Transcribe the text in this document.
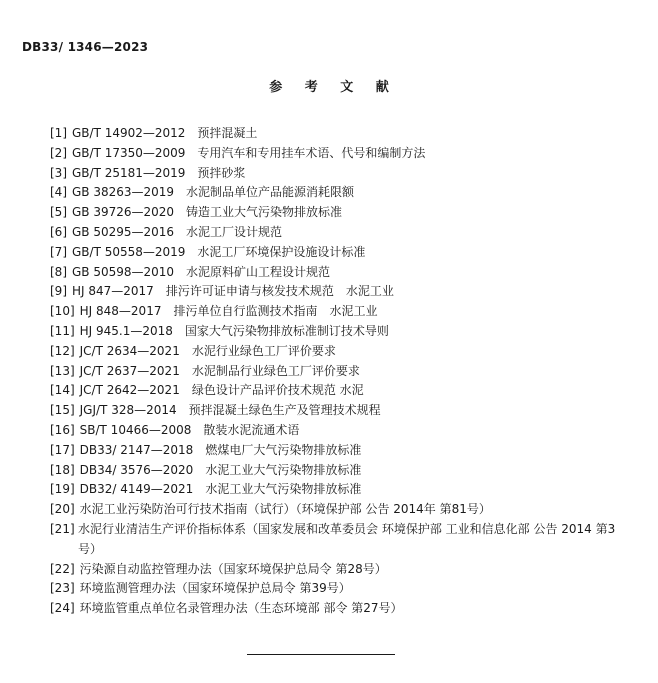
DB33/ 1346—2023
参 考 文 献
[1] GB/T 14902—2012　预拌混凝土
[2] GB/T 17350—2009　专用汽车和专用挂车术语、代号和编制方法
[3] GB/T 25181—2019　预拌砂浆
[4] GB 38263—2019　水泥制品单位产品能源消耗限额
[5] GB 39726—2020　铸造工业大气污染物排放标准
[6] GB 50295—2016　水泥工厂设计规范
[7] GB/T 50558—2019　水泥工厂环境保护设施设计标准
[8] GB 50598—2010　水泥原料矿山工程设计规范
[9] HJ 847—2017　排污许可证申请与核发技术规范　水泥工业
[10] HJ 848—2017　排污单位自行监测技术指南　水泥工业
[11] HJ 945.1—2018　国家大气污染物排放标准制订技术导则
[12] JC/T 2634—2021　水泥行业绿色工厂评价要求
[13] JC/T 2637—2021　水泥制品行业绿色工厂评价要求
[14] JC/T 2642—2021　绿色设计产品评价技术规范 水泥
[15] JGJ/T 328—2014　预拌混凝土绿色生产及管理技术规程
[16] SB/T 10466—2008　散装水泥流通术语
[17] DB33/ 2147—2018　燃煤电厂大气污染物排放标准
[18] DB34/ 3576—2020　水泥工业大气污染物排放标准
[19] DB32/ 4149—2021　水泥工业大气污染物排放标准
[20] 水泥工业污染防治可行技术指南（试行）（环境保护部 公告 2014年 第81号）
[21] 水泥行业清洁生产评价指标体系（国家发展和改革委员会 环境保护部 工业和信息化部 公告 2014 第3号）
[22] 污染源自动监控管理办法（国家环境保护总局令 第28号）
[23] 环境监测管理办法（国家环境保护总局令 第39号）
[24] 环境监管重点单位名录管理办法（生态环境部 部令 第27号）
